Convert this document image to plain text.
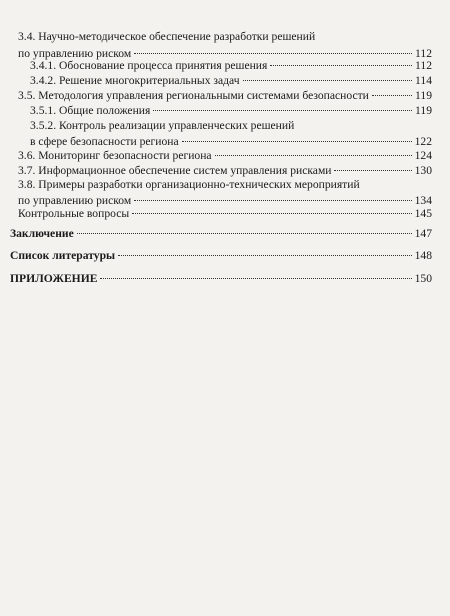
3.4. Научно-методическое обеспечение разработки решений
по управлению риском	112
3.4.1. Обоснование процесса принятия решения	112
3.4.2. Решение многокритериальных задач	114
3.5. Методология управления региональными системами безопасности	119
3.5.1. Общие положения	119
3.5.2. Контроль реализации управленческих решений
в сфере безопасности региона	122
3.6. Мониторинг безопасности региона	124
3.7. Информационное обеспечение систем управления рисками	130
3.8. Примеры разработки организационно-технических мероприятий
по управлению риском	134
Контрольные вопросы	145
Заключение	147
Список литературы	148
ПРИЛОЖЕНИЕ	150
